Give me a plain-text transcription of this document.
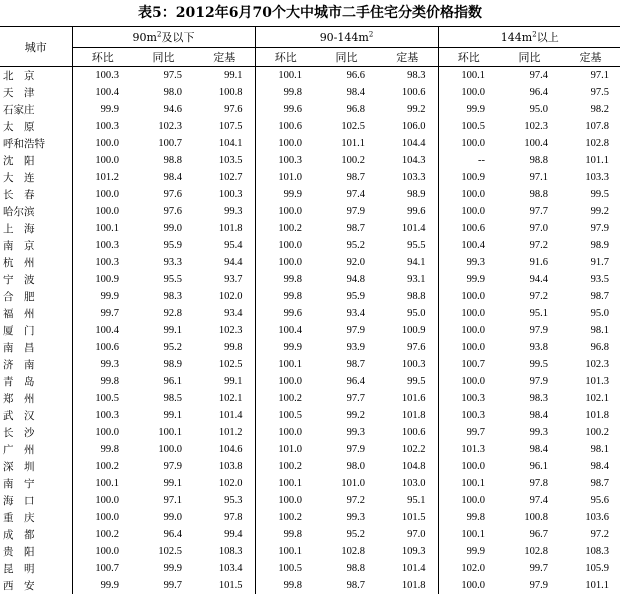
表5：2012年6月70个大中城市二手住宅分类价格指数
城市	$90m^2$及以下			$90-144m^2$			$144m^2$以上		
	环比	同比	定基	环比	同比	定基	环比	同比	定基
北　京	100.3	97.5	99.1	100.1	96.6	98.3	100.1	97.4	97.1
天　津	100.4	98.0	100.8	99.8	98.4	100.6	100.0	96.4	97.5
石家庄	99.9	94.6	97.6	99.6	96.8	99.2	99.9	95.0	98.2
太　原	100.3	102.3	107.5	100.6	102.5	106.0	100.5	102.3	107.8
呼和浩特	100.0	100.7	104.1	100.0	101.1	104.4	100.0	100.4	102.8
沈　阳	100.0	98.8	103.5	100.3	100.2	104.3	--	98.8	101.1
大　连	101.2	98.4	102.7	101.0	98.7	103.3	100.9	97.1	103.3
长　春	100.0	97.6	100.3	99.9	97.4	98.9	100.0	98.8	99.5
哈尔滨	100.0	97.6	99.3	100.0	97.9	99.6	100.0	97.7	99.2
上　海	100.1	99.0	101.8	100.2	98.7	101.4	100.6	97.0	97.9
南　京	100.3	95.9	95.4	100.0	95.2	95.5	100.4	97.2	98.9
杭　州	100.3	93.3	94.4	100.0	92.0	94.1	99.3	91.6	91.7
宁　波	100.9	95.5	93.7	99.8	94.8	93.1	99.9	94.4	93.5
合　肥	99.9	98.3	102.0	99.8	95.9	98.8	100.0	97.2	98.7
福　州	99.7	92.8	93.4	99.6	93.4	95.0	100.0	95.1	95.0
厦　门	100.4	99.1	102.3	100.4	97.9	100.9	100.0	97.9	98.1
南　昌	100.6	95.2	99.8	99.9	93.9	97.6	100.0	93.8	96.8
济　南	99.3	98.9	102.5	100.1	98.7	100.3	100.7	99.5	102.3
青　岛	99.8	96.1	99.1	100.0	96.4	99.5	100.0	97.9	101.3
郑　州	100.5	98.5	102.1	100.2	97.7	101.6	100.3	98.3	102.1
武　汉	100.3	99.1	101.4	100.5	99.2	101.8	100.3	98.4	101.8
长　沙	100.0	100.1	101.2	100.0	99.3	100.6	99.7	99.3	100.2
广　州	99.8	100.0	104.6	101.0	97.9	102.2	101.3	98.4	98.1
深　圳	100.2	97.9	103.8	100.2	98.0	104.8	100.0	96.1	98.4
南　宁	100.1	99.1	102.0	100.1	101.0	103.0	100.1	97.8	98.7
海　口	100.0	97.1	95.3	100.0	97.2	95.1	100.0	97.4	95.6
重　庆	100.0	99.0	97.8	100.2	99.3	101.5	99.8	100.8	103.6
成　都	100.2	96.4	99.4	99.8	95.2	97.0	100.1	96.7	97.2
贵　阳	100.0	102.5	108.3	100.1	102.8	109.3	99.9	102.8	108.3
昆　明	100.7	99.9	103.4	100.5	98.8	101.4	102.0	99.7	105.9
西　安	99.9	99.7	101.5	99.8	98.7	101.8	100.0	97.9	101.1
